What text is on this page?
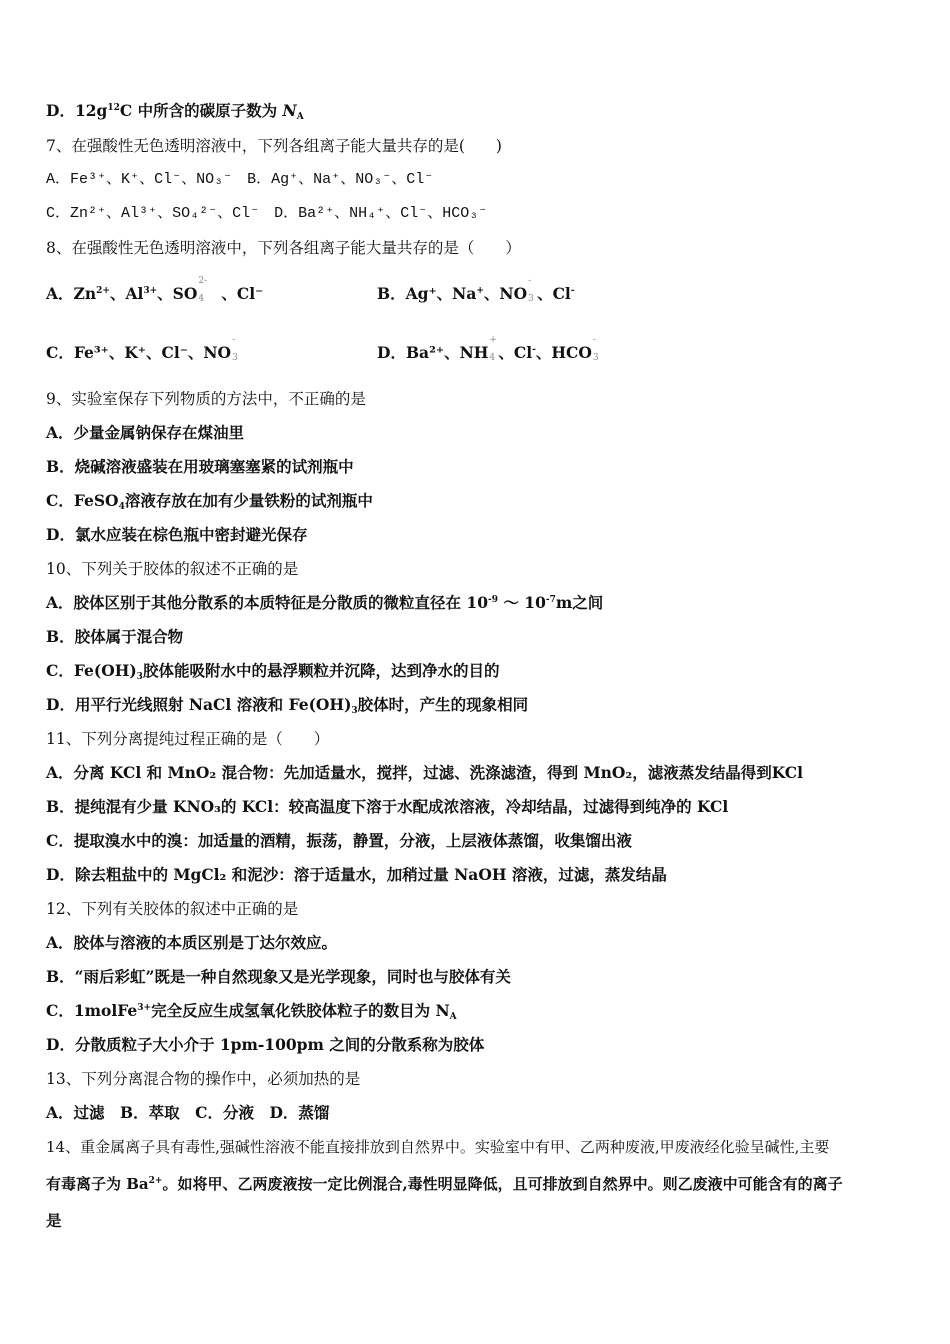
D．$12g^{12}C$ 中所含的碳原子数为 $N_A$
7、在强酸性无色透明溶液中，下列各组离子能大量共存的是(　　)
A．Fe³⁺、K⁺、Cl⁻、NO₃⁻　B．Ag⁺、Na⁺、NO₃⁻、Cl⁻
C．Zn²⁺、Al³⁺、SO₄²⁻、Cl⁻　D．Ba²⁺、NH₄⁺、Cl⁻、HCO₃⁻
8、在强酸性无色透明溶液中，下列各组离子能大量共存的是（　　）
A．$Zn^{2+}$、$Al^{3+}$、SO
2-
4 、Cl⁻	B．Ag⁺、Na+、NO
-
3 、Cl-
C．Fe³⁺、K⁺、Cl⁻、NO
-
3	D．Ba²⁺、NH
+
4 、Cl-、HCO
-
3
9、实验室保存下列物质的方法中，不正确的是
A．少量金属钠保存在煤油里
B．烧碱溶液盛装在用玻璃塞塞紧的试剂瓶中
C．FeSO$_4$溶液存放在加有少量铁粉的试剂瓶中
D．氯水应装在棕色瓶中密封避光保存
10、下列关于胶体的叙述不正确的是
A．胶体区别于其他分散系的本质特征是分散质的微粒直径在 $10^{-9}$ ～ $10^{-7}m$之间
B．胶体属于混合物
C．$Fe(OH)_3$胶体能吸附水中的悬浮颗粒并沉降，达到净水的目的
D．用平行光线照射 NaCl 溶液和 $Fe(OH)_3$胶体时，产生的现象相同
11、下列分离提纯过程正确的是（　　）
A．分离 KCl 和 MnO₂ 混合物：先加适量水，搅拌，过滤、洗涤滤渣，得到 MnO₂，滤液蒸发结晶得到KCl
B．提纯混有少量 KNO₃的 KCl：较高温度下溶于水配成浓溶液，冷却结晶，过滤得到纯净的 KCl
C．提取溴水中的溴：加适量的酒精，振荡，静置，分液，上层液体蒸馏，收集馏出液
D．除去粗盐中的 MgCl₂ 和泥沙：溶于适量水，加稍过量 NaOH 溶液，过滤，蒸发结晶
12、下列有关胶体的叙述中正确的是
A．胶体与溶液的本质区别是丁达尔效应。
B．“雨后彩虹”既是一种自然现象又是光学现象，同时也与胶体有关
C．1molFe$^{3+}$完全反应生成氢氧化铁胶体粒子的数目为 $N_A$
D．分散质粒子大小介于 1pm-100pm 之间的分散系称为胶体
13、下列分离混合物的操作中，必须加热的是
A．过滤　B．萃取　C．分液　D．蒸馏
14、重金属离子具有毒性,强碱性溶液不能直接排放到自然界中。实验室中有甲、乙两种废液,甲废液经化验呈碱性,主要
有毒离子为 $Ba^{2+}$。如将甲、乙两废液按一定比例混合,毒性明显降低，且可排放到自然界中。则乙废液中可能含有的离子
是
